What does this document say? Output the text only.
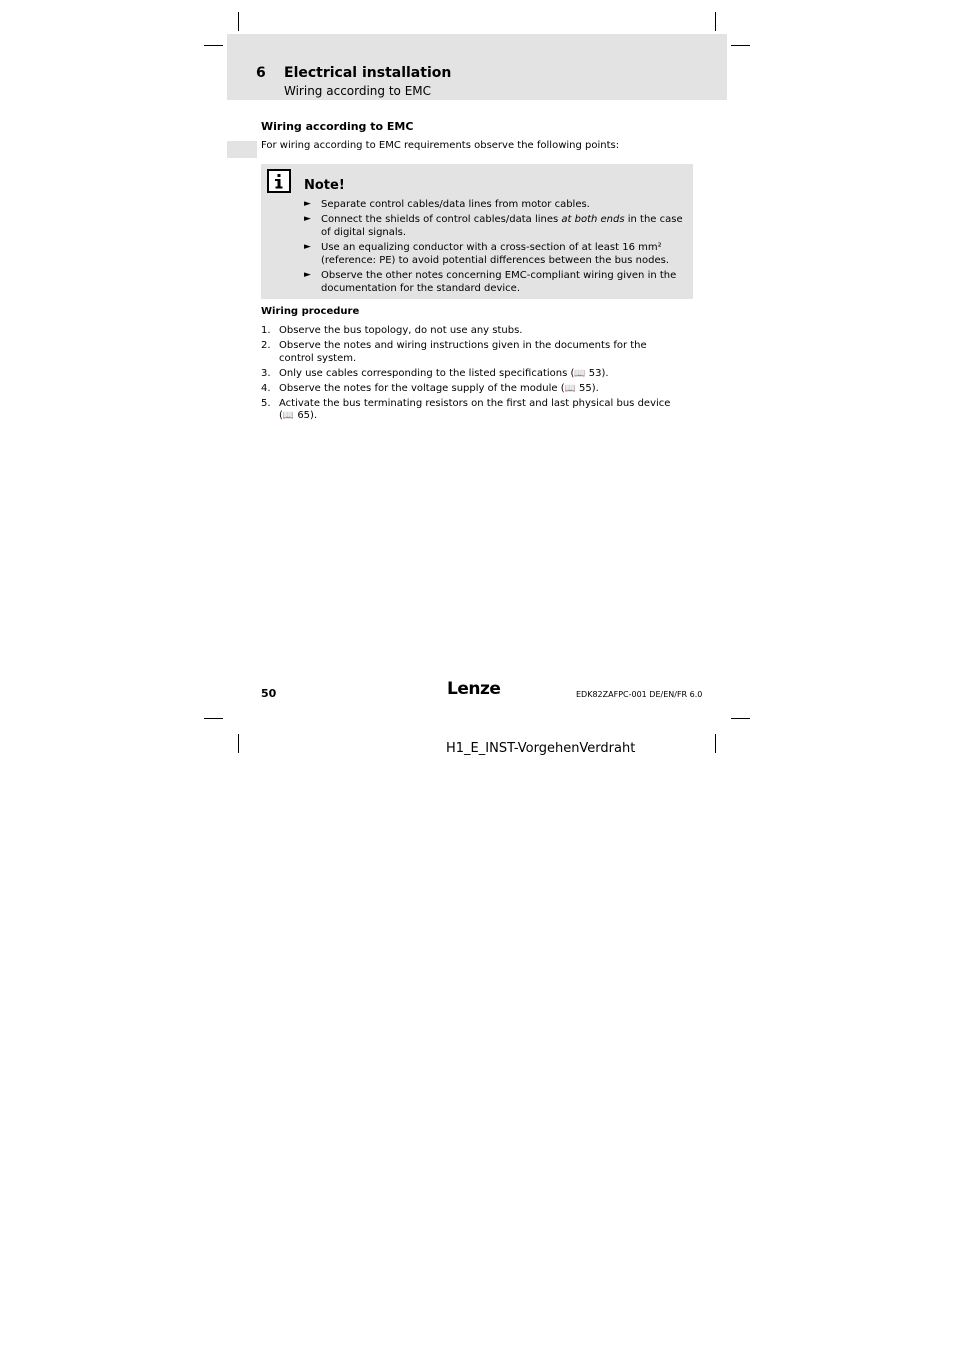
6 Electrical installation
Wiring according to EMC
Wiring according to EMC
For wiring according to EMC requirements observe the following points:
Note!
► Separate control cables/data lines from motor cables.
► Connect the shields of control cables/data lines at both ends in the case of digital signals.
► Use an equalizing conductor with a cross-section of at least 16 mm² (reference: PE) to avoid potential differences between the bus nodes.
► Observe the other notes concerning EMC-compliant wiring given in the documentation for the standard device.
Wiring procedure
1. Observe the bus topology, do not use any stubs.
2. Observe the notes and wiring instructions given in the documents for the control system.
3. Only use cables corresponding to the listed specifications (📖 53).
4. Observe the notes for the voltage supply of the module (📖 55).
5. Activate the bus terminating resistors on the first and last physical bus device (📖 65).
50	Lenze	EDK82ZAFPC-001 DE/EN/FR 6.0
H1_E_INST-VorgehenVerdraht
